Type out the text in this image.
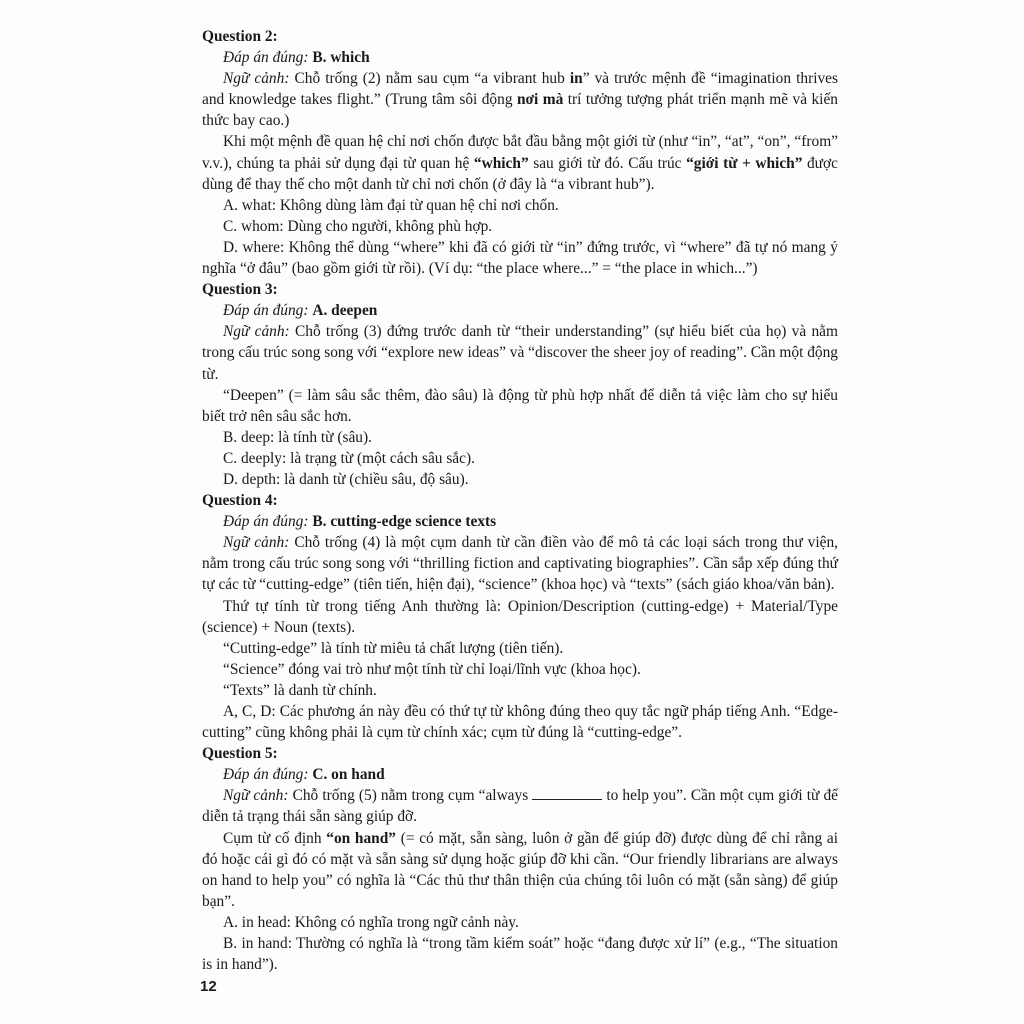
Question 2:

Đáp án đúng: B. which

Ngữ cảnh: Chỗ trống (2) nằm sau cụm “a vibrant hub in” và trước mệnh đề “imagination thrives and knowledge takes flight.” (Trung tâm sôi động nơi mà trí tưởng tượng phát triển mạnh mẽ và kiến thức bay cao.)

Khi một mệnh đề quan hệ chỉ nơi chốn được bắt đầu bằng một giới từ (như “in”, “at”, “on”, “from” v.v.), chúng ta phải sử dụng đại từ quan hệ “which” sau giới từ đó. Cấu trúc “giới từ + which” được dùng để thay thế cho một danh từ chỉ nơi chốn (ở đây là “a vibrant hub”).

A. what: Không dùng làm đại từ quan hệ chỉ nơi chốn.

C. whom: Dùng cho người, không phù hợp.

D. where: Không thể dùng “where” khi đã có giới từ “in” đứng trước, vì “where” đã tự nó mang ý nghĩa “ở đâu” (bao gồm giới từ rồi). (Ví dụ: “the place where...” = “the place in which...”)

Question 3:

Đáp án đúng: A. deepen

Ngữ cảnh: Chỗ trống (3) đứng trước danh từ “their understanding” (sự hiểu biết của họ) và nằm trong cấu trúc song song với “explore new ideas” và “discover the sheer joy of reading”. Cần một động từ.

“Deepen” (= làm sâu sắc thêm, đào sâu) là động từ phù hợp nhất để diễn tả việc làm cho sự hiểu biết trở nên sâu sắc hơn.

B. deep: là tính từ (sâu).

C. deeply: là trạng từ (một cách sâu sắc).

D. depth: là danh từ (chiều sâu, độ sâu).

Question 4:

Đáp án đúng: B. cutting-edge science texts

Ngữ cảnh: Chỗ trống (4) là một cụm danh từ cần điền vào để mô tả các loại sách trong thư viện, nằm trong cấu trúc song song với “thrilling fiction and captivating biographies”. Cần sắp xếp đúng thứ tự các từ “cutting-edge” (tiên tiến, hiện đại), “science” (khoa học) và “texts” (sách giáo khoa/văn bản).

Thứ tự tính từ trong tiếng Anh thường là: Opinion/Description (cutting-edge) + Material/Type (science) + Noun (texts).

“Cutting-edge” là tính từ miêu tả chất lượng (tiên tiến).

“Science” đóng vai trò như một tính từ chỉ loại/lĩnh vực (khoa học).

“Texts” là danh từ chính.

A, C, D: Các phương án này đều có thứ tự từ không đúng theo quy tắc ngữ pháp tiếng Anh. “Edge-cutting” cũng không phải là cụm từ chính xác; cụm từ đúng là “cutting-edge”.

Question 5:

Đáp án đúng: C. on hand

Ngữ cảnh: Chỗ trống (5) nằm trong cụm “always	to help you”. Cần một cụm giới từ để diễn tả trạng thái sẵn sàng giúp đỡ.

Cụm từ cố định “on hand” (= có mặt, sẵn sàng, luôn ở gần để giúp đỡ) được dùng để chỉ rằng ai đó hoặc cái gì đó có mặt và sẵn sàng sử dụng hoặc giúp đỡ khi cần. “Our friendly librarians are always on hand to help you” có nghĩa là “Các thủ thư thân thiện của chúng tôi luôn có mặt (sẵn sàng) để giúp bạn”.

A. in head: Không có nghĩa trong ngữ cảnh này.

B. in hand: Thường có nghĩa là “trong tầm kiểm soát” hoặc “đang được xử lí” (e.g., “The situation is in hand”).

12
